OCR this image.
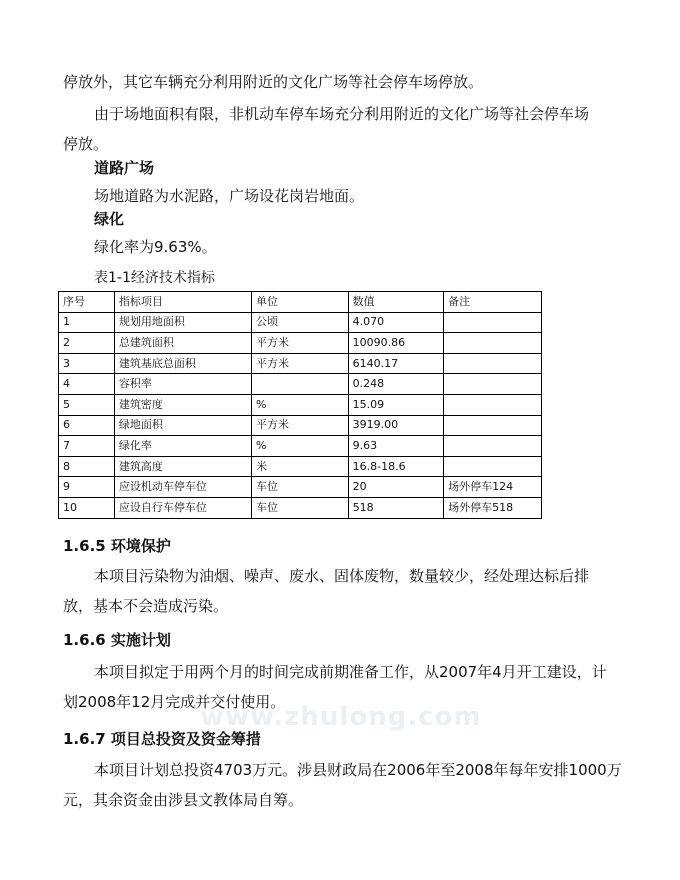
停放外，其它车辆充分利用附近的文化广场等社会停车场停放。
由于场地面积有限，非机动车停车场充分利用附近的文化广场等社会停车场
停放。
道路广场
场地道路为水泥路，广场设花岗岩地面。
绿化
绿化率为9.63%。
表1-1经济技术指标
序号	指标项目	单位	数值	备注
1	规划用地面积	公顷	4.070	
2	总建筑面积	平方米	10090.86	
3	建筑基底总面积	平方米	6140.17	
4	容积率		0.248	
5	建筑密度	%	15.09	
6	绿地面积	平方米	3919.00	
7	绿化率	%	9.63	
8	建筑高度	米	16.8-18.6	
9	应设机动车停车位	车位	20	场外停车124
10	应设自行车停车位	车位	518	场外停车518
1.6.5 环境保护
本项目污染物为油烟、噪声、废水、固体废物，数量较少，经处理达标后排
放，基本不会造成污染。
1.6.6 实施计划
本项目拟定于用两个月的时间完成前期准备工作，从2007年4月开工建设，计
划2008年12月完成并交付使用。
www.zhulong.com
1.6.7 项目总投资及资金筹措
本项目计划总投资4703万元。涉县财政局在2006年至2008年每年安排1000万
元，其余资金由涉县文教体局自筹。
